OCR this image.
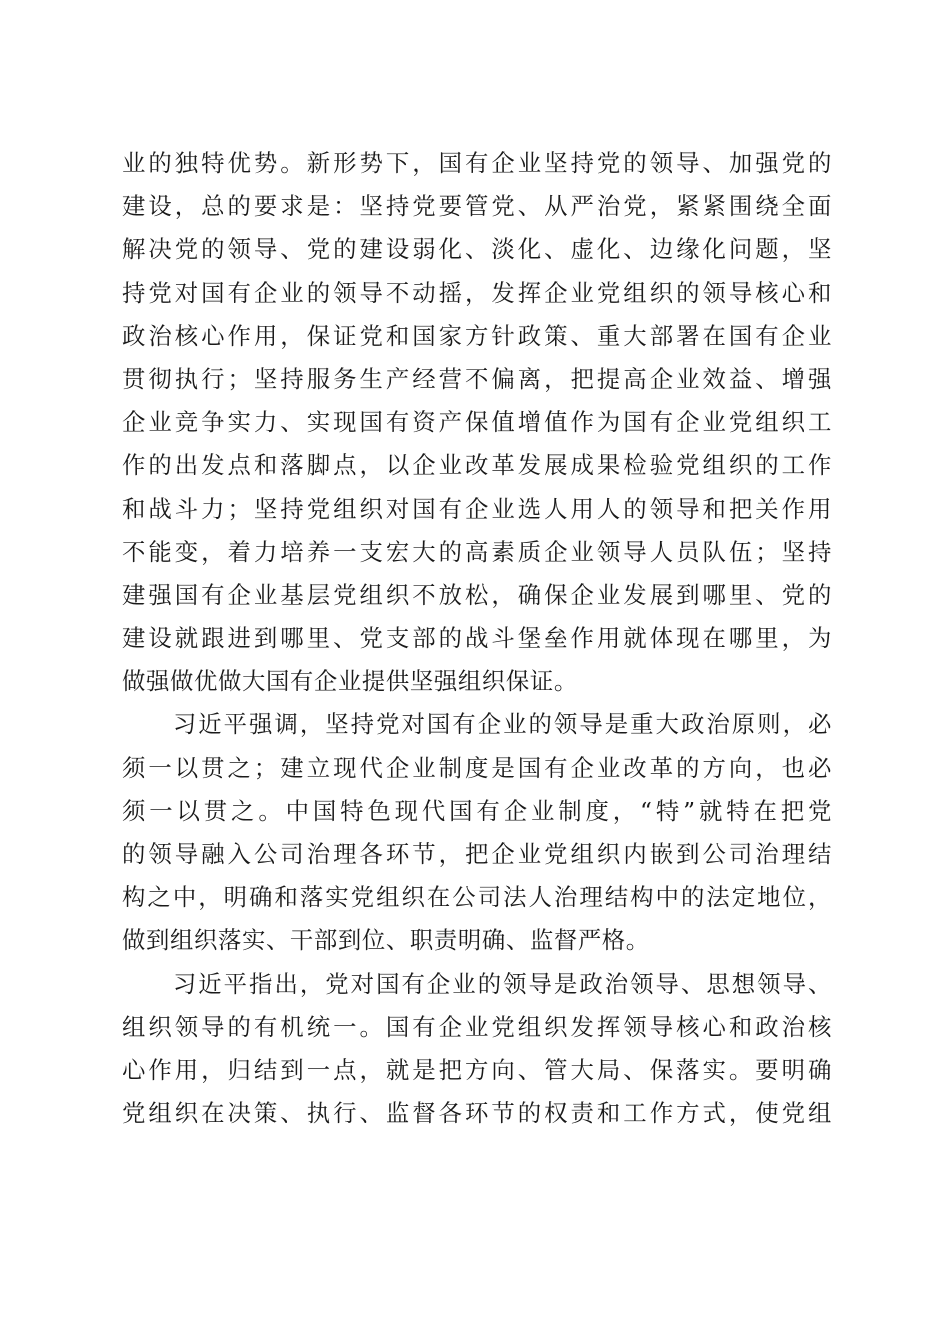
业的独特优势。新形势下，国有企业坚持党的领导、加强党的
建设，总的要求是：坚持党要管党、从严治党，紧紧围绕全面
解决党的领导、党的建设弱化、淡化、虚化、边缘化问题，坚
持党对国有企业的领导不动摇，发挥企业党组织的领导核心和
政治核心作用，保证党和国家方针政策、重大部署在国有企业
贯彻执行；坚持服务生产经营不偏离，把提高企业效益、增强
企业竞争实力、实现国有资产保值增值作为国有企业党组织工
作的出发点和落脚点，以企业改革发展成果检验党组织的工作
和战斗力；坚持党组织对国有企业选人用人的领导和把关作用
不能变，着力培养一支宏大的高素质企业领导人员队伍；坚持
建强国有企业基层党组织不放松，确保企业发展到哪里、党的
建设就跟进到哪里、党支部的战斗堡垒作用就体现在哪里，为
做强做优做大国有企业提供坚强组织保证。
　　习近平强调，坚持党对国有企业的领导是重大政治原则，必
须一以贯之；建立现代企业制度是国有企业改革的方向，也必
须一以贯之。中国特色现代国有企业制度，“特”就特在把党
的领导融入公司治理各环节，把企业党组织内嵌到公司治理结
构之中，明确和落实党组织在公司法人治理结构中的法定地位，
做到组织落实、干部到位、职责明确、监督严格。
　　习近平指出，党对国有企业的领导是政治领导、思想领导、
组织领导的有机统一。国有企业党组织发挥领导核心和政治核
心作用，归结到一点，就是把方向、管大局、保落实。要明确
党组织在决策、执行、监督各环节的权责和工作方式，使党组
